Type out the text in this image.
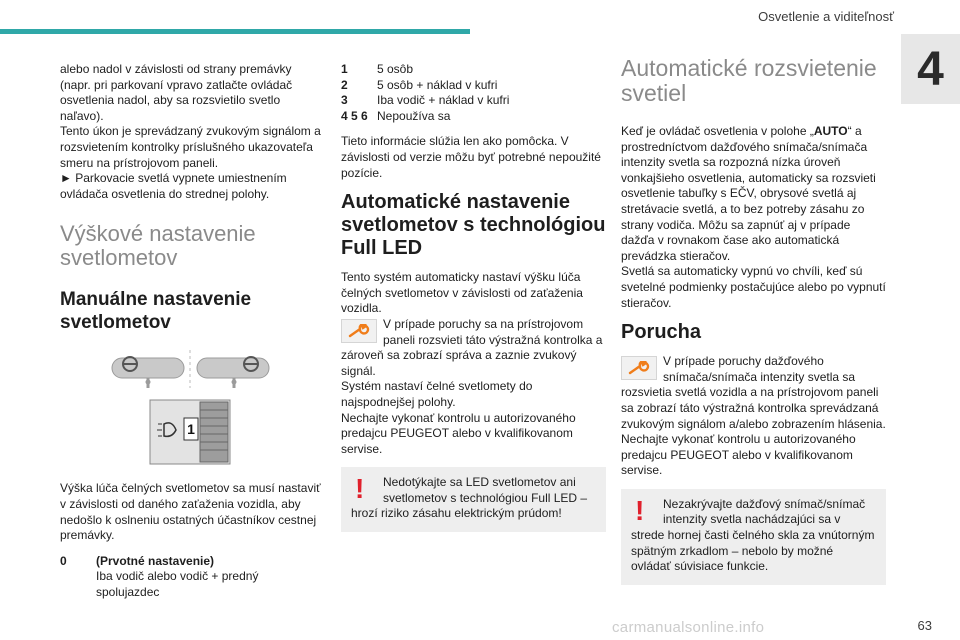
Osvetlenie a viditeľnosť
4

alebo nadol v závislosti od strany premávky (napr. pri parkovaní vpravo zatlačte ovládač osvetlenia nadol, aby sa rozsvietilo svetlo naľavo).

Tento úkon je sprevádzaný zvukovým signálom a rozsvietením kontrolky príslušného ukazovateľa smeru na prístrojovom paneli.

► Parkovacie svetlá vypnete umiestnením ovládača osvetlenia do strednej polohy.

Výškové nastavenie svetlometov
Manuálne nastavenie svetlometov
1

Výška lúča čelných svetlometov sa musí nastaviť v závislosti od daného zaťaženia vozidla, aby nedošlo k oslneniu ostatných účastníkov cestnej premávky.

0	(Prvotné nastavenie)
Iba vodič alebo vodič + predný spolujazdec
1	5 osôb
2	5 osôb + náklad v kufri
3	Iba vodič + náklad v kufri
4 5 6 Nepoužíva sa

Tieto informácie slúžia len ako pomôcka. V závislosti od verzie môžu byť potrebné nepoužité pozície.

Automatické nastavenie svetlometov s technológiou Full LED

Tento systém automaticky nastaví výšku lúča čelných svetlometov v závislosti od zaťaženia vozidla.

V prípade poruchy sa na prístrojovom paneli rozsvieti táto výstražná kontrolka a zároveň sa zobrazí správa a zaznie zvukový signál.

Systém nastaví čelné svetlomety do najspodnejšej polohy.

Nechajte vykonať kontrolu u autorizovaného predajcu PEUGEOT alebo v kvalifikovanom servise.

!	Nedotýkajte sa LED svetlometov ani svetlometov s technológiou Full LED – hrozí riziko zásahu elektrickým prúdom!
Automatické rozsvietenie svetiel

Keď je ovládač osvetlenia v polohe „AUTO“ a prostredníctvom dažďového snímača/snímača intenzity svetla sa rozpozná nízka úroveň vonkajšieho osvetlenia, automaticky sa rozsvieti osvetlenie tabuľky s EČV, obrysové svetlá aj stretávacie svetlá, a to bez potreby zásahu zo strany vodiča. Môžu sa zapnúť aj v prípade dažďa v rovnakom čase ako automatická prevádzka stieračov.

Svetlá sa automaticky vypnú vo chvíli, keď sú svetelné podmienky postačujúce alebo po vypnutí stieračov.

Porucha

V prípade poruchy dažďového snímača/snímača intenzity svetla sa rozsvietia svetlá vozidla a na prístrojovom paneli sa zobrazí táto výstražná kontrolka sprevádzaná zvukovým signálom a/alebo zobrazením hlásenia.

Nechajte vykonať kontrolu u autorizovaného predajcu PEUGEOT alebo v kvalifikovanom servise.

!	Nezakrývajte dažďový snímač/snímač intenzity svetla nachádzajúci sa v strede hornej časti čelného skla za vnútorným spätným zrkadlom – nebolo by možné ovládať súvisiace funkcie.
carmanualsonline.info	63
